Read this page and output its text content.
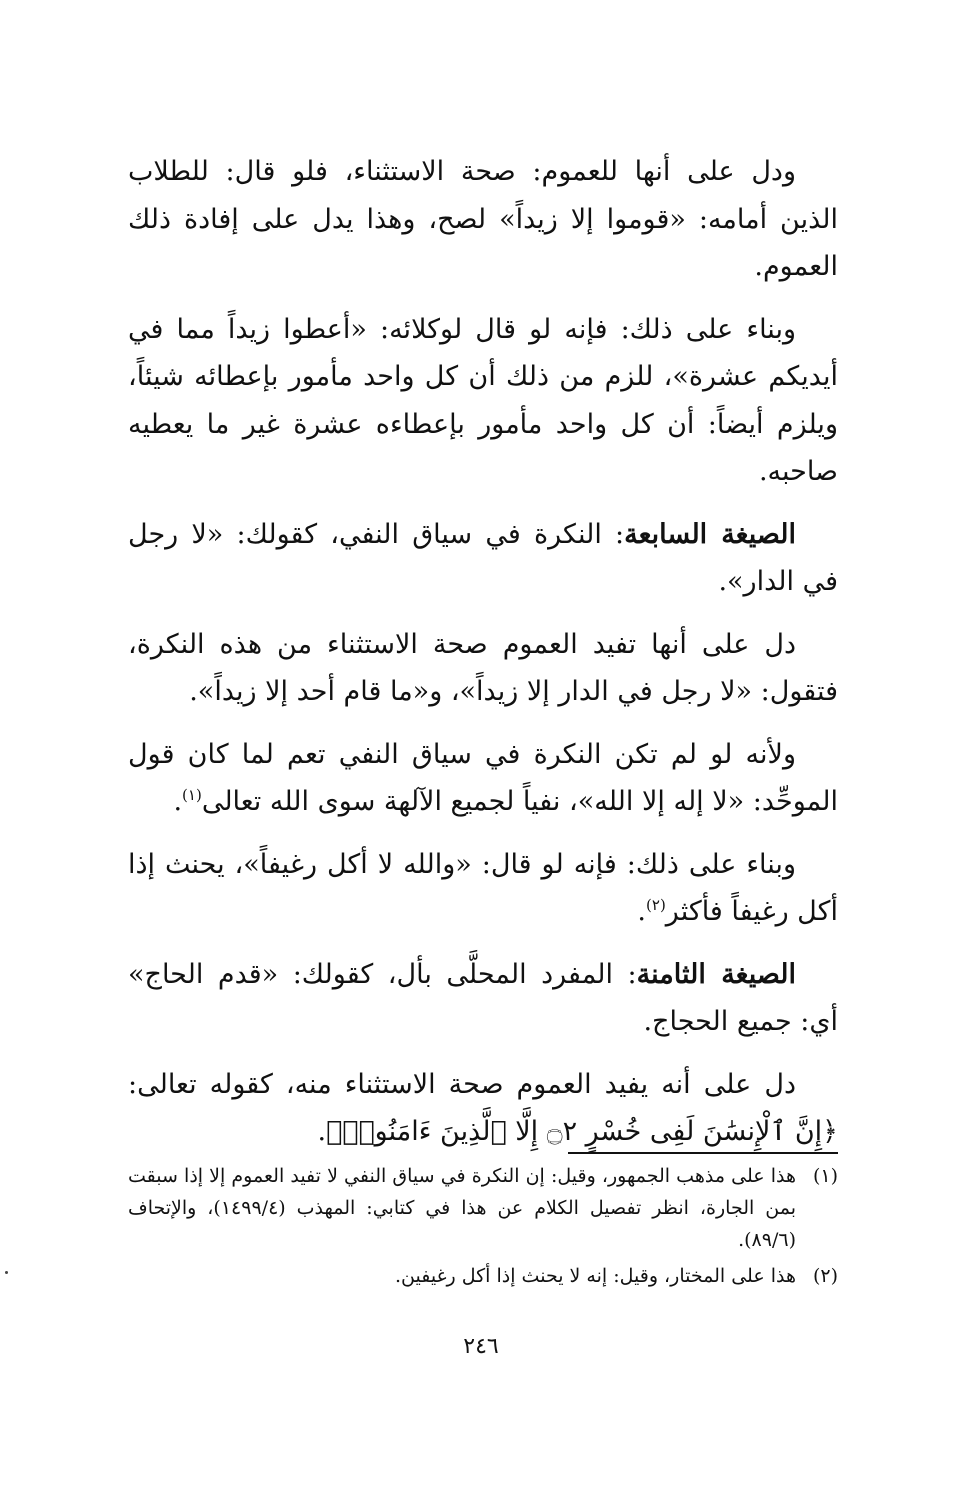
ودل على أنها للعموم: صحة الاستثناء، فلو قال: للطلاب الذين أمامه: «قوموا إلا زيداً» لصح، وهذا يدل على إفادة ذلك العموم.

وبناء على ذلك: فإنه لو قال لوكلائه: «أعطوا زيداً مما في أيديكم عشرة»، للزم من ذلك أن كل واحد مأمور بإعطائه شيئاً، ويلزم أيضاً: أن كل واحد مأمور بإعطاءه عشرة غير ما يعطيه صاحبه.

الصيغة السابعة: النكرة في سياق النفي، كقولك: «لا رجل في الدار».

دل على أنها تفيد العموم صحة الاستثناء من هذه النكرة، فتقول: «لا رجل في الدار إلا زيداً»، و«ما قام أحد إلا زيداً».

ولأنه لو لم تكن النكرة في سياق النفي تعم لما كان قول الموحِّد: «لا إله إلا الله»، نفياً لجميع الآلهة سوى الله تعالى$^{(١)}$.

وبناء على ذلك: فإنه لو قال: «والله لا أكل رغيفاً»، يحنث إذا أكل رغيفاً فأكثر$^{(٢)}$.

الصيغة الثامنة: المفرد المحلَّى بأل، كقولك: «قدم الحاج» أي: جميع الحجاج.

دل على أنه يفيد العموم صحة الاستثناء منه، كقوله تعالى: ﴿إِنَّ ٱلْإِنسَٰنَ لَفِى خُسْرٍ ۝٢ إِلَّا ٱلَّذِينَ ءَامَنُوا۟﴾.

(١)هذا على مذهب الجمهور، وقيل: إن النكرة في سياق النفي لا تفيد العموم إلا إذا سبقت بمن الجارة، انظر تفصيل الكلام عن هذا في كتابي: المهذب (١٤٩٩/٤)، والإتحاف (٨٩/٦).

(٢)هذا على المختار، وقيل: إنه لا يحنث إذا أكل رغيفين.

٢٤٦
